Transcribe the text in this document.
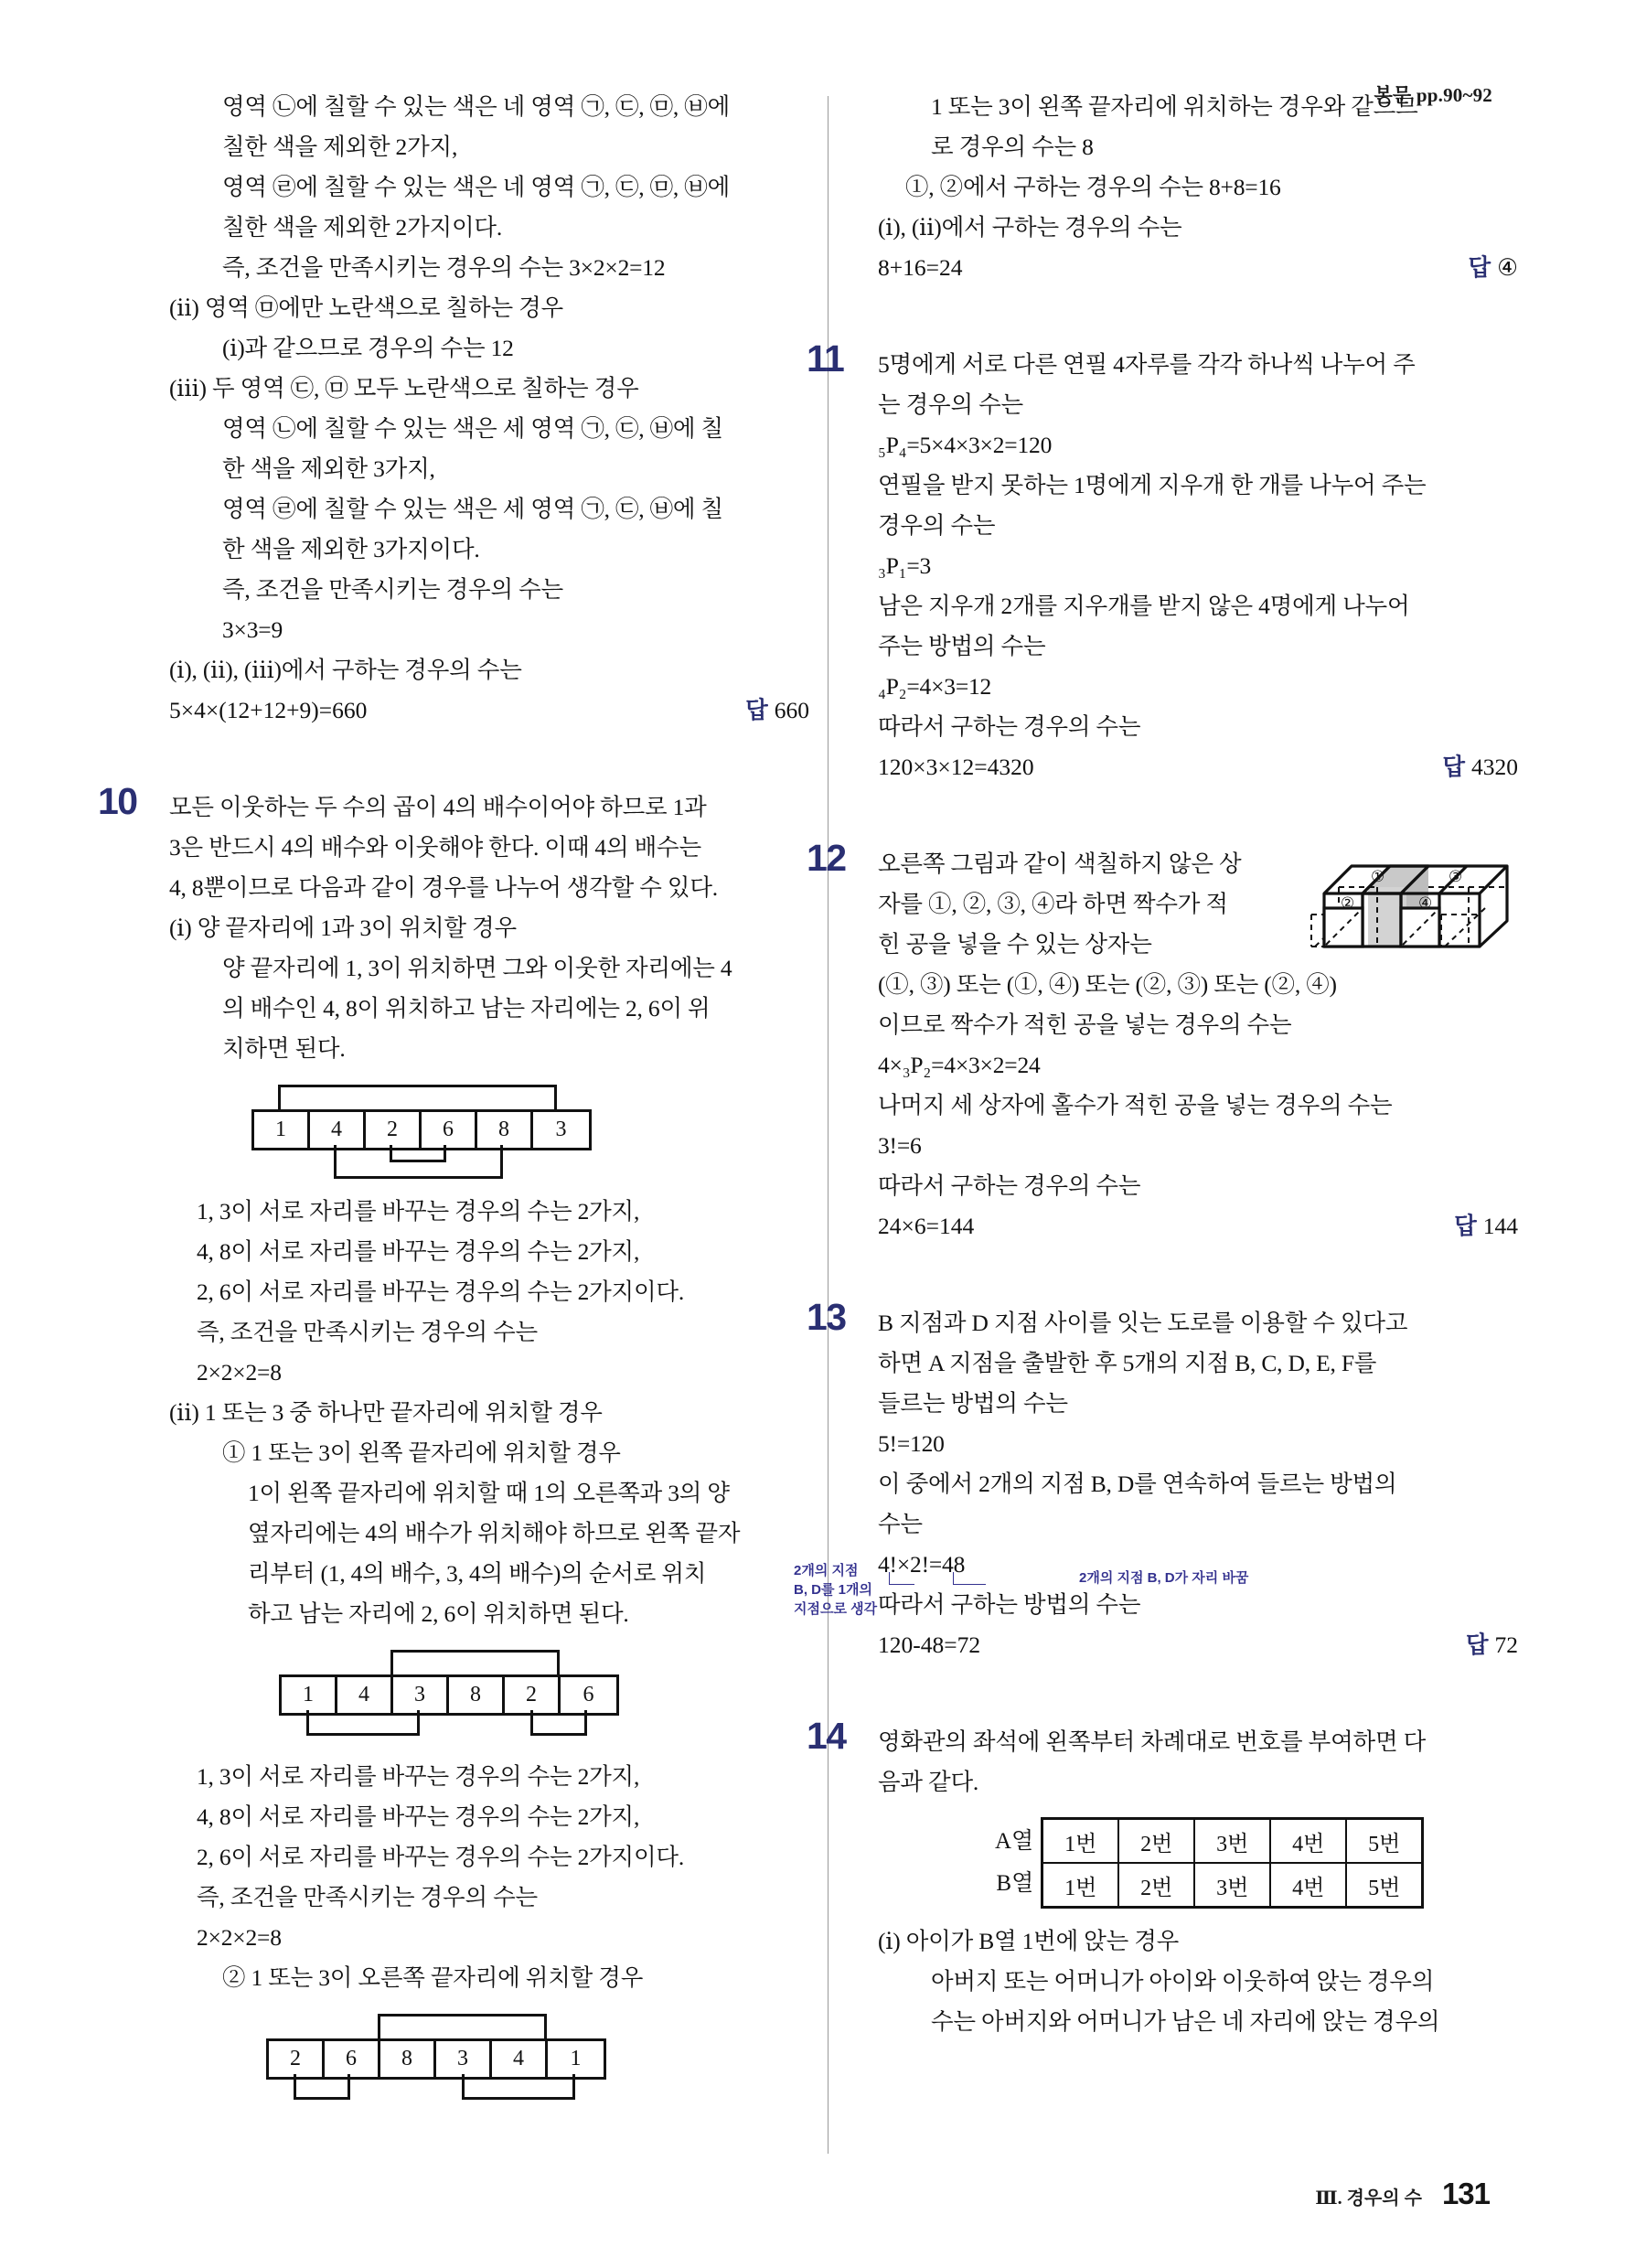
본문 pp.90~92
영역 ㉡에 칠할 수 있는 색은 네 영역 ㉠, ㉢, ㉤, ㉥에
칠한 색을 제외한 2가지,
영역 ㉣에 칠할 수 있는 색은 네 영역 ㉠, ㉢, ㉤, ㉥에
칠한 색을 제외한 2가지이다.
즉, 조건을 만족시키는 경우의 수는 3×2×2=12
(ⅱ) 영역 ㉤에만 노란색으로 칠하는 경우
(ⅰ)과 같으므로 경우의 수는 12
(ⅲ) 두 영역 ㉢, ㉤ 모두 노란색으로 칠하는 경우
영역 ㉡에 칠할 수 있는 색은 세 영역 ㉠, ㉢, ㉥에 칠
한 색을 제외한 3가지,
영역 ㉣에 칠할 수 있는 색은 세 영역 ㉠, ㉢, ㉥에 칠
한 색을 제외한 3가지이다.
즉, 조건을 만족시키는 경우의 수는
3×3=9
(ⅰ), (ⅱ), (ⅲ)에서 구하는 경우의 수는
5×4×(12+12+9)=660	답 660
10 모든 이웃하는 두 수의 곱이 4의 배수이어야 하므로 1과
3은 반드시 4의 배수와 이웃해야 한다. 이때 4의 배수는
4, 8뿐이므로 다음과 같이 경우를 나누어 생각할 수 있다.
(ⅰ) 양 끝자리에 1과 3이 위치할 경우
양 끝자리에 1, 3이 위치하면 그와 이웃한 자리에는 4
의 배수인 4, 8이 위치하고 남는 자리에는 2, 6이 위
치하면 된다.
1	4	2	6	8	3
1, 3이 서로 자리를 바꾸는 경우의 수는 2가지,
4, 8이 서로 자리를 바꾸는 경우의 수는 2가지,
2, 6이 서로 자리를 바꾸는 경우의 수는 2가지이다.
즉, 조건을 만족시키는 경우의 수는
2×2×2=8
(ⅱ) 1 또는 3 중 하나만 끝자리에 위치할 경우
① 1 또는 3이 왼쪽 끝자리에 위치할 경우
1이 왼쪽 끝자리에 위치할 때 1의 오른쪽과 3의 양
옆자리에는 4의 배수가 위치해야 하므로 왼쪽 끝자
리부터 (1, 4의 배수, 3, 4의 배수)의 순서로 위치
하고 남는 자리에 2, 6이 위치하면 된다.
1	4	3	8	2	6
1, 3이 서로 자리를 바꾸는 경우의 수는 2가지,
4, 8이 서로 자리를 바꾸는 경우의 수는 2가지,
2, 6이 서로 자리를 바꾸는 경우의 수는 2가지이다.
즉, 조건을 만족시키는 경우의 수는
2×2×2=8
② 1 또는 3이 오른쪽 끝자리에 위치할 경우
2	6	8	3	4	1
1 또는 3이 왼쪽 끝자리에 위치하는 경우와 같으므
로 경우의 수는 8
①, ②에서 구하는 경우의 수는 8+8=16
(ⅰ), (ⅱ)에서 구하는 경우의 수는
8+16=24	답 ④
11 5명에게 서로 다른 연필 4자루를 각각 하나씩 나누어 주
는 경우의 수는
₅P₄=5×4×3×2=120
연필을 받지 못하는 1명에게 지우개 한 개를 나누어 주는
경우의 수는
₃P₁=3
남은 지우개 2개를 지우개를 받지 않은 4명에게 나누어
주는 방법의 수는
₄P₂=4×3=12
따라서 구하는 경우의 수는
120×3×12=4320	답 4320
12	①	③
②	④
오른쪽 그림과 같이 색칠하지 않은 상
자를 ①, ②, ③, ④라 하면 짝수가 적
힌 공을 넣을 수 있는 상자는
(①, ③) 또는 (①, ④) 또는 (②, ③) 또는 (②, ④)
이므로 짝수가 적힌 공을 넣는 경우의 수는
4×₃P₂=4×3×2=24
나머지 세 상자에 홀수가 적힌 공을 넣는 경우의 수는
3!=6
따라서 구하는 경우의 수는
24×6=144	답 144
13 B 지점과 D 지점 사이를 잇는 도로를 이용할 수 있다고
하면 A 지점을 출발한 후 5개의 지점 B, C, D, E, F를
들르는 방법의 수는
5!=120
이 중에서 2개의 지점 B, D를 연속하여 들르는 방법의
수는
4!×2!=48
2개의 지점
B, D를 1개의
지점으로 생각
2개의 지점 B, D가 자리 바꿈
따라서 구하는 방법의 수는
120-48=72	답 72
14 영화관의 좌석에 왼쪽부터 차례대로 번호를 부여하면 다
음과 같다.
A열
B열
1번	2번	3번	4번	5번
1번	2번	3번	4번	5번
(ⅰ) 아이가 B열 1번에 앉는 경우
아버지 또는 어머니가 아이와 이웃하여 앉는 경우의
수는 아버지와 어머니가 남은 네 자리에 앉는 경우의
Ⅲ. 경우의 수 131
